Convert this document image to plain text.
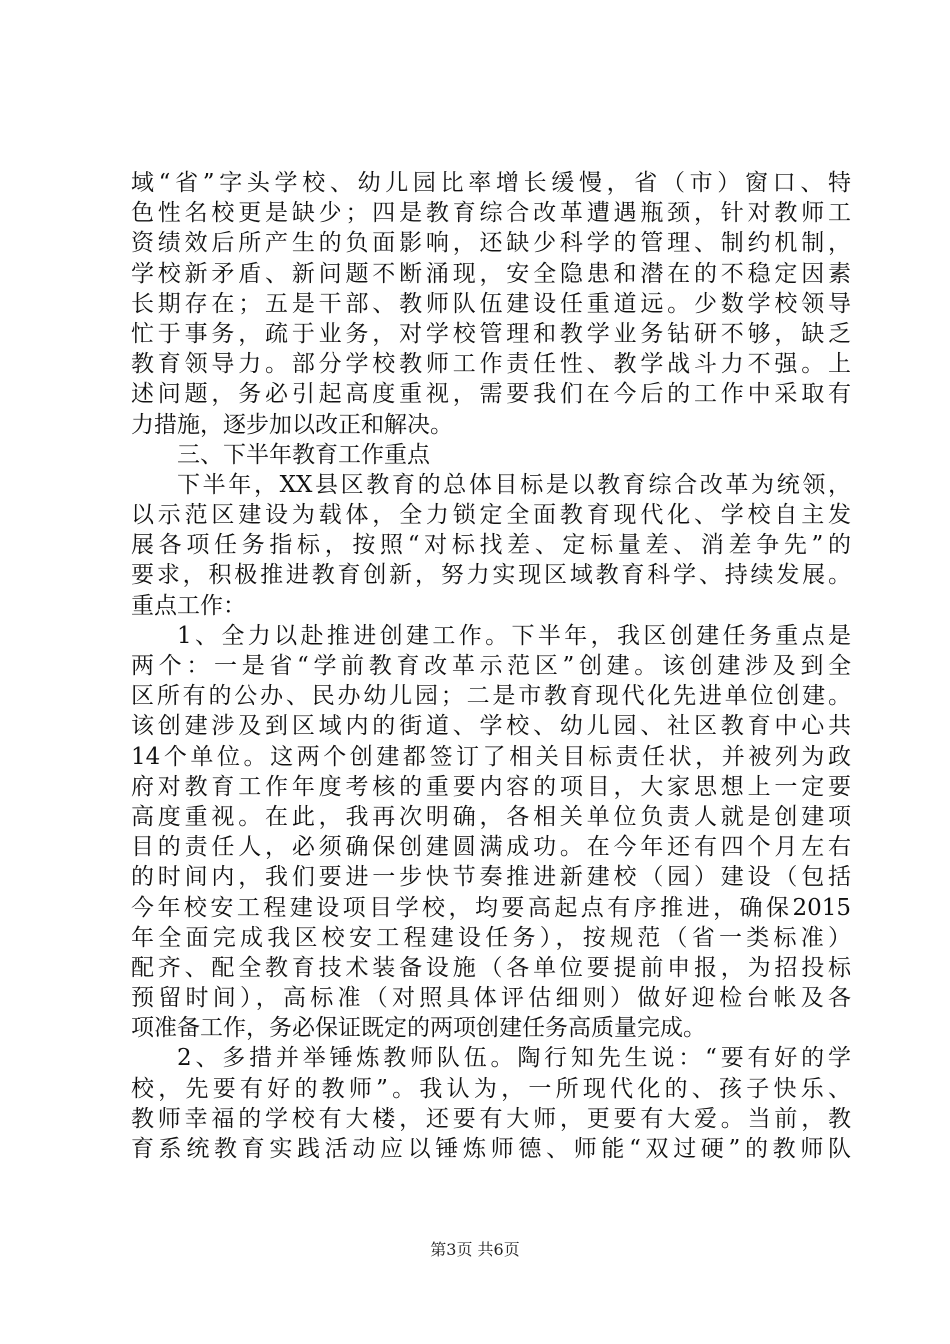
域“省”字头学校、幼儿园比率增长缓慢，省（市）窗口、特
色性名校更是缺少；四是教育综合改革遭遇瓶颈，针对教师工
资绩效后所产生的负面影响，还缺少科学的管理、制约机制，
学校新矛盾、新问题不断涌现，安全隐患和潜在的不稳定因素
长期存在；五是干部、教师队伍建设任重道远。少数学校领导
忙于事务，疏于业务，对学校管理和教学业务钻研不够，缺乏
教育领导力。部分学校教师工作责任性、教学战斗力不强。上
述问题，务必引起高度重视，需要我们在今后的工作中采取有
力措施，逐步加以改正和解决。
三、下半年教育工作重点
下半年，XX县区教育的总体目标是以教育综合改革为统领，
以示范区建设为载体，全力锁定全面教育现代化、学校自主发
展各项任务指标，按照“对标找差、定标量差、消差争先”的
要求，积极推进教育创新，努力实现区域教育科学、持续发展。
重点工作：
1、全力以赴推进创建工作。下半年，我区创建任务重点是
两个：一是省“学前教育改革示范区”创建。该创建涉及到全
区所有的公办、民办幼儿园；二是市教育现代化先进单位创建。
该创建涉及到区域内的街道、学校、幼儿园、社区教育中心共
14个单位。这两个创建都签订了相关目标责任状，并被列为政
府对教育工作年度考核的重要内容的项目，大家思想上一定要
高度重视。在此，我再次明确，各相关单位负责人就是创建项
目的责任人，必须确保创建圆满成功。在今年还有四个月左右
的时间内，我们要进一步快节奏推进新建校（园）建设（包括
今年校安工程建设项目学校，均要高起点有序推进，确保2015
年全面完成我区校安工程建设任务），按规范（省一类标准）
配齐、配全教育技术装备设施（各单位要提前申报，为招投标
预留时间），高标准（对照具体评估细则）做好迎检台帐及各
项准备工作，务必保证既定的两项创建任务高质量完成。
2、多措并举锤炼教师队伍。陶行知先生说：“要有好的学
校，先要有好的教师”。我认为，一所现代化的、孩子快乐、
教师幸福的学校有大楼，还要有大师，更要有大爱。当前，教
育系统教育实践活动应以锤炼师德、师能“双过硬”的教师队
第3页 共6页
